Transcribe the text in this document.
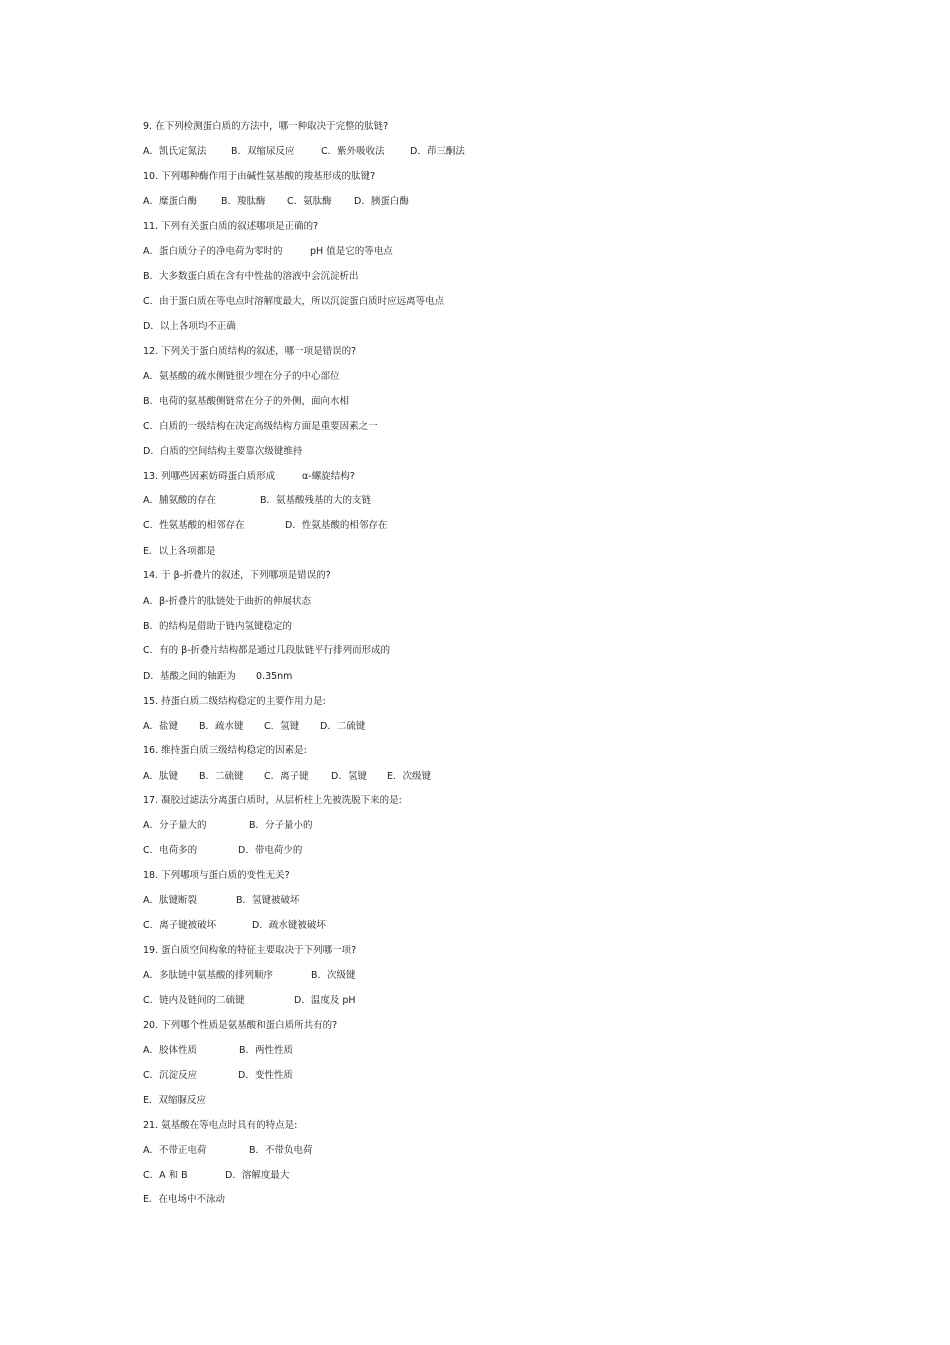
9. 在下列检测蛋白质的方法中，哪一种取决于完整的肽链?
A．凯氏定氮法	B．双缩尿反应	C．紫外吸收法	D．茚三酮法
10. 下列哪种酶作用于由碱性氨基酸的羧基形成的肽键?
A．糜蛋白酶	B．羧肽酶 C．氨肽酶 D．胰蛋白酶
11. 下列有关蛋白质的叙述哪项是正确的?
A．蛋白质分子的净电荷为零时的	pH 值是它的等电点
B．大多数蛋白质在含有中性盐的溶液中会沉淀析出
C．由于蛋白质在等电点时溶解度最大，所以沉淀蛋白质时应远离等电点
D．以上各项均不正确
12. 下列关于蛋白质结构的叙述，哪一项是错误的?
A．氨基酸的疏水侧链很少埋在分子的中心部位
B．电荷的氨基酸侧链常在分子的外侧，面向水相
C．白质的一级结构在决定高级结构方面是重要因素之一
D．白质的空间结构主要靠次级键维持
13. 列哪些因素妨碍蛋白质形成	α-螺旋结构?
A．脯氨酸的存在	B．氨基酸残基的大的支链
C．性氨基酸的相邻存在	D．性氨基酸的相邻存在
E．以上各项都是
14. 于 β-折叠片的叙述，下列哪项是错误的?
A．β-折叠片的肽链处于曲折的伸展状态
B．的结构是借助于链内氢键稳定的
C．有的 β-折叠片结构都是通过几段肽链平行排列而形成的
D．基酸之间的轴距为 0.35nm
15. 持蛋白质二级结构稳定的主要作用力是:
A．盐键 B．疏水键 C．氢键 D．二硫键
16. 维持蛋白质三级结构稳定的因素是:
A．肽键 B．二硫键 C．离子键 D．氢键 E．次级键
17. 凝胶过滤法分离蛋白质时，从层析柱上先被洗脱下来的是:
A．分子量大的	B．分子量小的
C．电荷多的	D．带电荷少的
18. 下列哪项与蛋白质的变性无关?
A．肽键断裂	B．氢键被破坏
C．离子键被破坏	D．疏水键被破坏
19. 蛋白质空间构象的特征主要取决于下列哪一项?
A．多肽链中氨基酸的排列顺序	B．次级键
C．链内及链间的二硫键	D．温度及 pH
20. 下列哪个性质是氨基酸和蛋白质所共有的?
A．胶体性质	B．两性性质
C．沉淀反应	D．变性性质
E．双缩脲反应
21. 氨基酸在等电点时具有的特点是:
A．不带正电荷	B．不带负电荷
C．A 和 B	D．溶解度最大
E．在电场中不泳动
